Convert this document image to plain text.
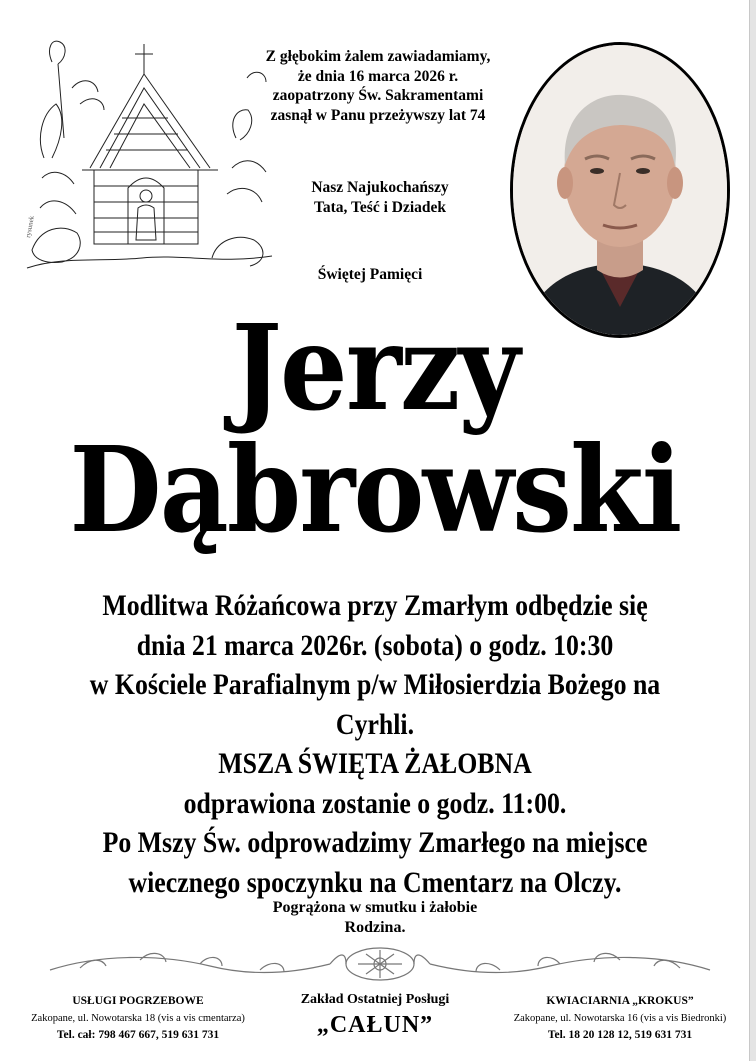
rysunek
Z głębokim żalem zawiadamiamy,
że dnia 16 marca 2026 r.
zaopatrzony Św. Sakramentami
zasnął w Panu przeżywszy lat 74
Nasz Najukochańszy
Tata, Teść i Dziadek
Świętej Pamięci
Jerzy
Dąbrowski
Modlitwa Różańcowa przy Zmarłym odbędzie się
dnia 21 marca 2026r. (sobota) o godz. 10:30
w Kościele Parafialnym p/w Miłosierdzia Bożego na Cyrhli.
MSZA ŚWIĘTA ŻAŁOBNA
odprawiona zostanie o godz. 11:00.
Po Mszy Św. odprowadzimy Zmarłego na miejsce
wiecznego spoczynku na Cmentarz na Olczy.
Pogrążona w smutku i żałobie
Rodzina.
USŁUGI POGRZEBOWE
Zakopane, ul. Nowotarska 18 (vis a vis cmentarza)
Tel. cał: 798 467 667, 519 631 731
Zakład Ostatniej Posługi
„CAŁUN”
KWIACIARNIA „KROKUS”
Zakopane, ul. Nowotarska 16 (vis a vis Biedronki)
Tel. 18 20 128 12, 519 631 731
